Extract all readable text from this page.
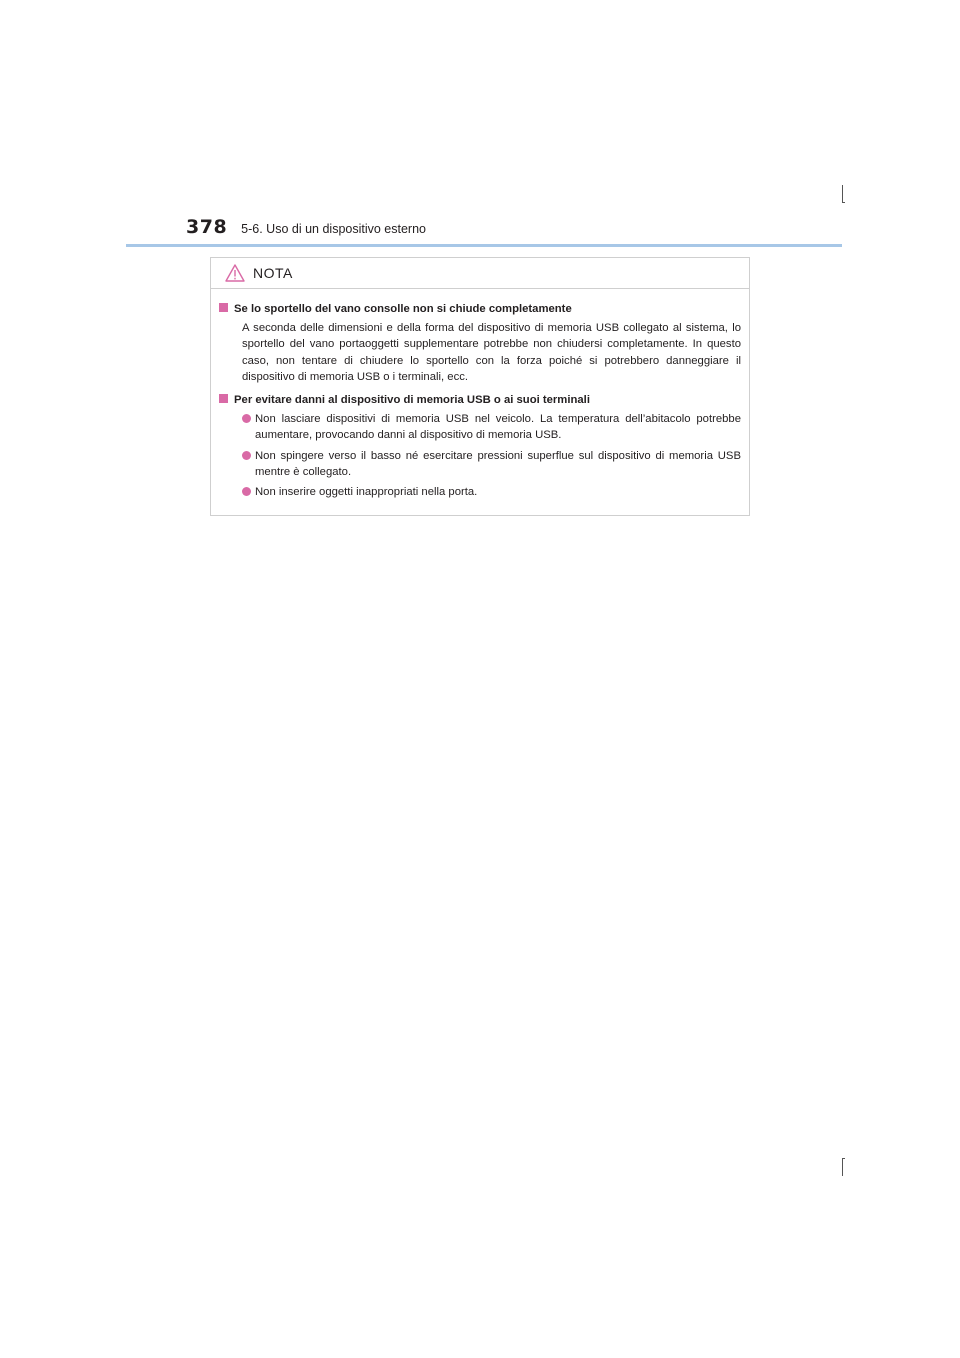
378 5-6. Uso di un dispositivo esterno
NOTA
Se lo sportello del vano consolle non si chiude completamente
A seconda delle dimensioni e della forma del dispositivo di memoria USB collegato al sistema, lo sportello del vano portaoggetti supplementare potrebbe non chiudersi completamente. In questo caso, non tentare di chiudere lo sportello con la forza poiché si potrebbero danneggiare il dispositivo di memoria USB o i terminali, ecc.
Per evitare danni al dispositivo di memoria USB o ai suoi terminali
Non lasciare dispositivi di memoria USB nel veicolo. La temperatura dell’abitacolo potrebbe aumentare, provocando danni al dispositivo di memoria USB.
Non spingere verso il basso né esercitare pressioni superflue sul dispositivo di memoria USB mentre è collegato.
Non inserire oggetti inappropriati nella porta.
